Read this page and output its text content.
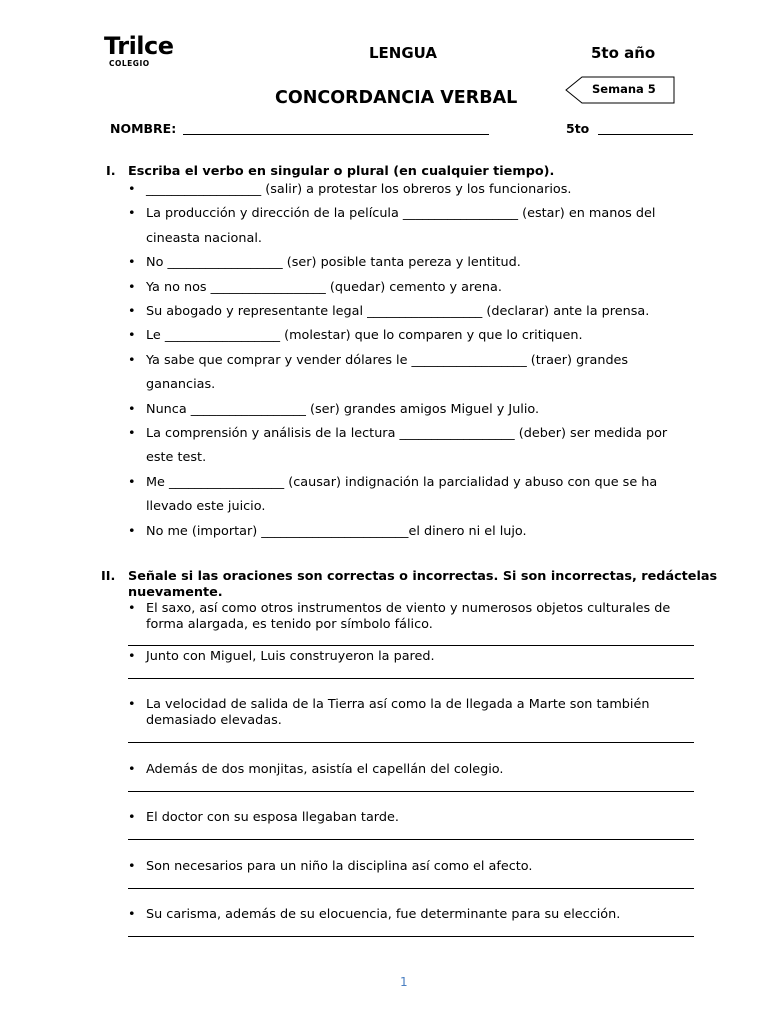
Trilce
COLEGIO
LENGUA	5to año
CONCORDANCIA VERBAL	Semana 5
NOMBRE:	5to
I. Escriba el verbo en singular o plural (en cualquier tiempo).
• __________________ (salir) a protestar los obreros y los funcionarios.
• La producción y dirección de la película __________________ (estar) en manos del cineasta nacional.
• No __________________ (ser) posible tanta pereza y lentitud.
• Ya no nos __________________ (quedar) cemento y arena.
• Su abogado y representante legal __________________ (declarar) ante la prensa.
• Le __________________ (molestar) que lo comparen y que lo critiquen.
• Ya sabe que comprar y vender dólares le __________________ (traer) grandes ganancias.
• Nunca __________________ (ser) grandes amigos Miguel y Julio.
• La comprensión y análisis de la lectura __________________ (deber) ser medida por este test.
• Me __________________ (causar) indignación la parcialidad y abuso con que se ha llevado este juicio.
• No me (importar) _______________________el dinero ni el lujo.
II. Señale si las oraciones son correctas o incorrectas. Si son incorrectas, redáctelas nuevamente.
• El saxo, así como otros instrumentos de viento y numerosos objetos culturales de forma alargada, es tenido por símbolo fálico.
• Junto con Miguel, Luis construyeron la pared.
• La velocidad de salida de la Tierra así como la de llegada a Marte son también demasiado elevadas.
• Además de dos monjitas, asistía el capellán del colegio.
• El doctor con su esposa llegaban tarde.
• Son necesarios para un niño la disciplina así como el afecto.
• Su carisma, además de su elocuencia, fue determinante para su elección.
1
